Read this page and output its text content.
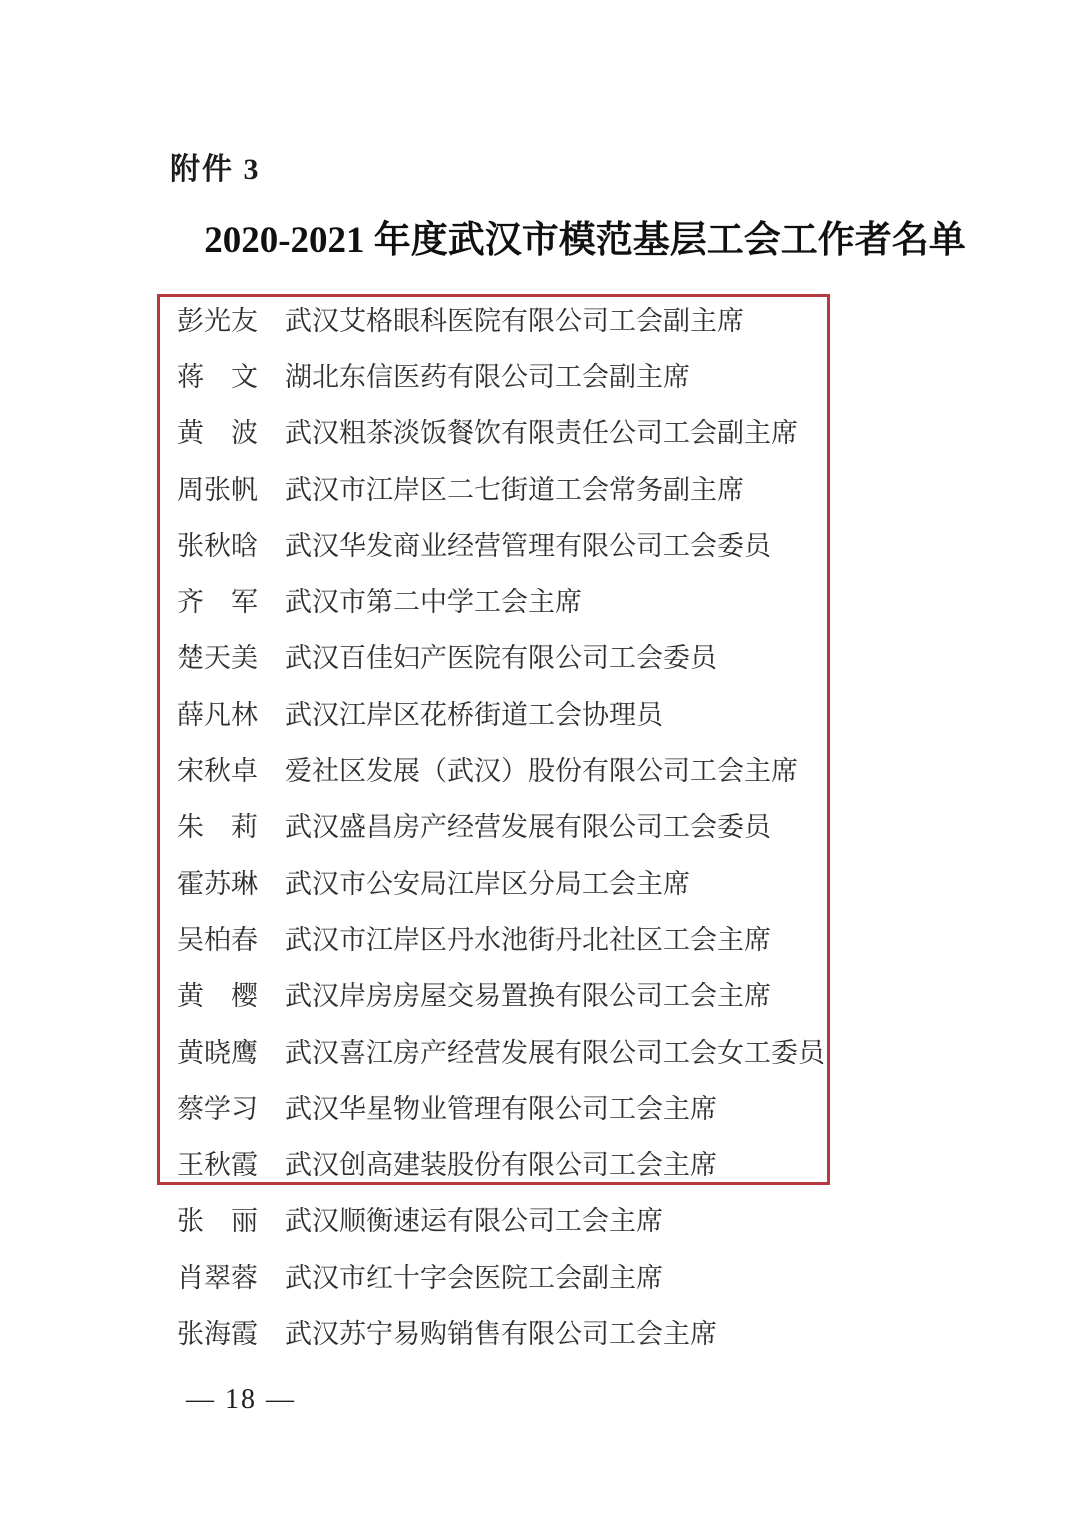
附件 3
2020-2021 年度武汉市模范基层工会工作者名单
彭光友	武汉艾格眼科医院有限公司工会副主席
蒋　文	湖北东信医药有限公司工会副主席
黄　波	武汉粗茶淡饭餐饮有限责任公司工会副主席
周张帆	武汉市江岸区二七街道工会常务副主席
张秋晗	武汉华发商业经营管理有限公司工会委员
齐　军	武汉市第二中学工会主席
楚天美	武汉百佳妇产医院有限公司工会委员
薛凡林	武汉江岸区花桥街道工会协理员
宋秋卓	爱社区发展（武汉）股份有限公司工会主席
朱　莉	武汉盛昌房产经营发展有限公司工会委员
霍苏琳	武汉市公安局江岸区分局工会主席
吴柏春	武汉市江岸区丹水池街丹北社区工会主席
黄　樱	武汉岸房房屋交易置换有限公司工会主席
黄晓鹰	武汉喜江房产经营发展有限公司工会女工委员
蔡学习	武汉华星物业管理有限公司工会主席
王秋霞	武汉创高建装股份有限公司工会主席
张　丽	武汉顺衡速运有限公司工会主席
肖翠蓉	武汉市红十字会医院工会副主席
张海霞	武汉苏宁易购销售有限公司工会主席
— 18 —
